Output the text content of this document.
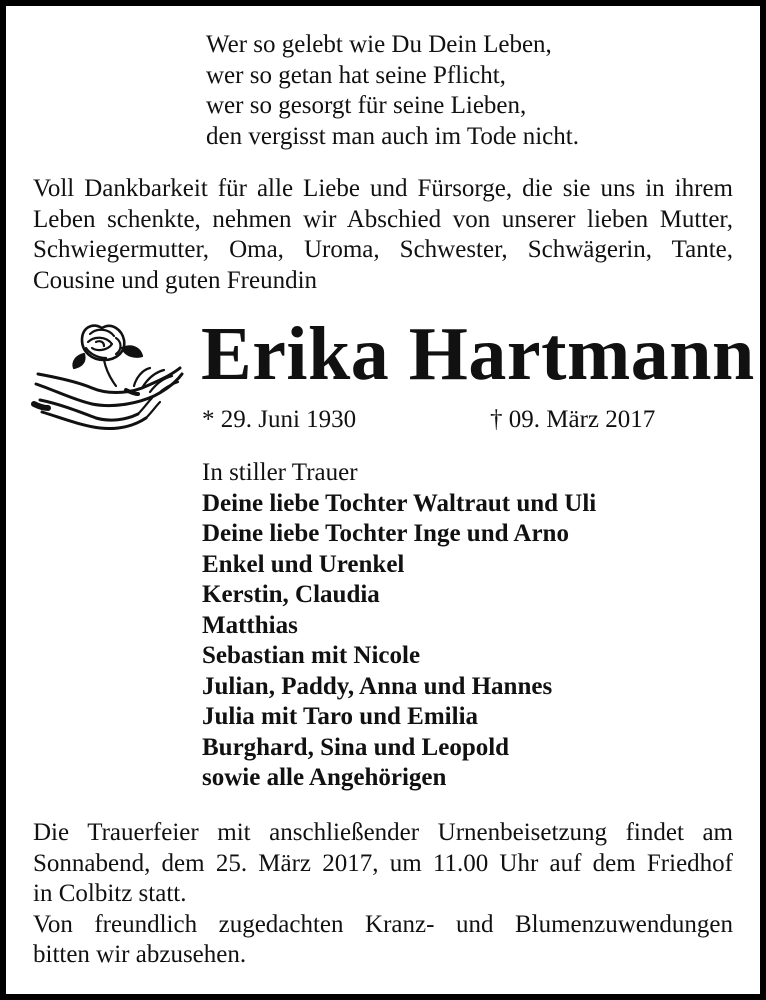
Wer so gelebt wie Du Dein Leben,
wer so getan hat seine Pflicht,
wer so gesorgt für seine Lieben,
den vergisst man auch im Tode nicht.
Voll Dankbarkeit für alle Liebe und Fürsorge, die sie uns in ihrem
Leben schenkte, nehmen wir Abschied von unserer lieben Mutter,
Schwiegermutter, Oma, Uroma, Schwester, Schwägerin, Tante,
Cousine und guten Freundin
Erika Hartmann
* 29. Juni 1930	† 09. März 2017
In stiller Trauer
Deine liebe Tochter Waltraut und Uli
Deine liebe Tochter Inge und Arno
Enkel und Urenkel
Kerstin, Claudia
Matthias
Sebastian mit Nicole
Julian, Paddy, Anna und Hannes
Julia mit Taro und Emilia
Burghard, Sina und Leopold
sowie alle Angehörigen
Die Trauerfeier mit anschließender Urnenbeisetzung findet am
Sonnabend, dem 25. März 2017, um 11.00 Uhr auf dem Friedhof
in Colbitz statt.
Von freundlich zugedachten Kranz- und Blumenzuwendungen
bitten wir abzusehen.
